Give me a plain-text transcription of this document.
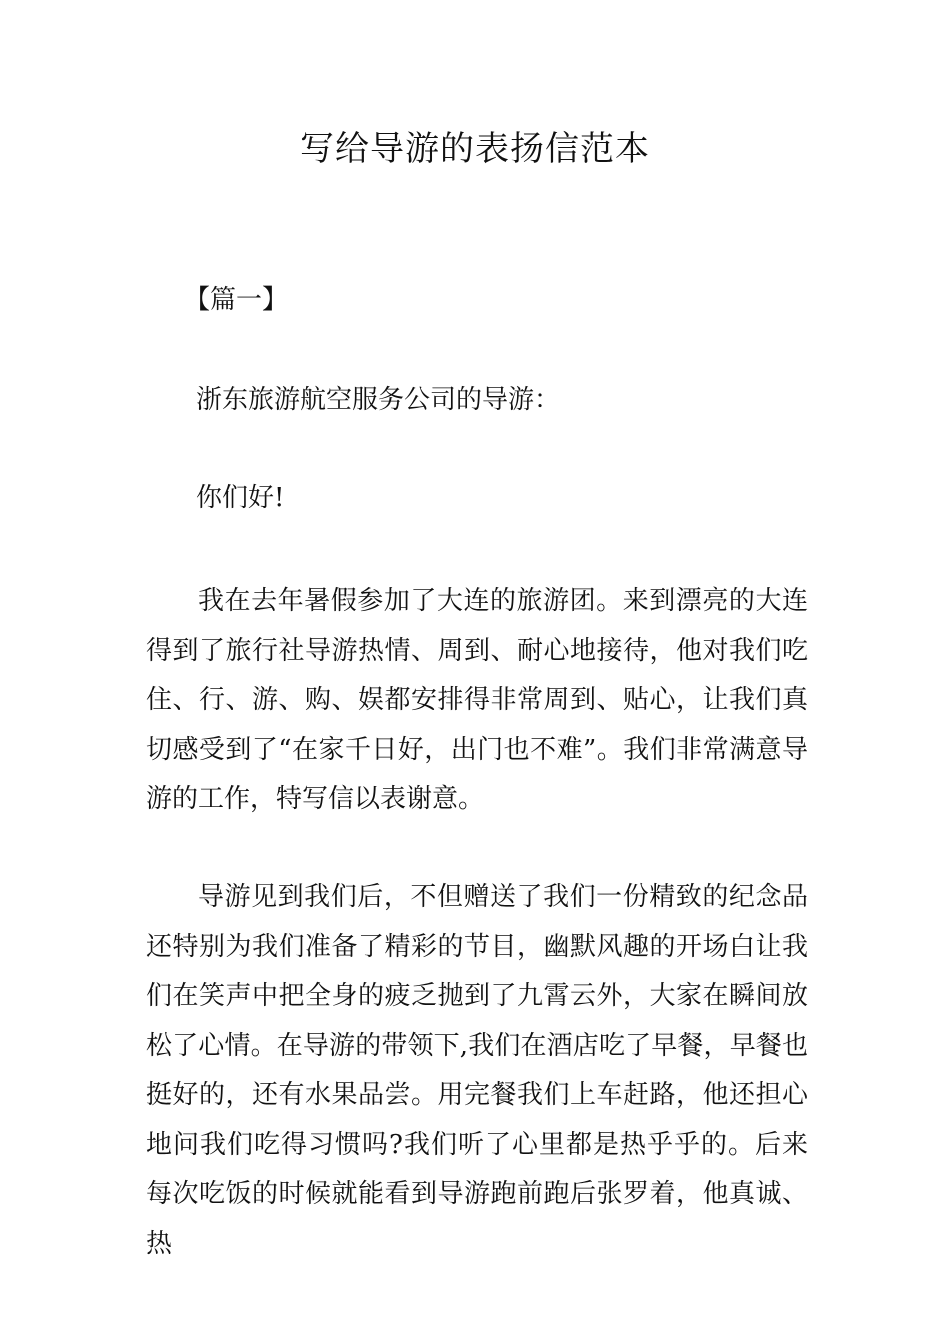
写给导游的表扬信范本
【篇一】

浙东旅游航空服务公司的导游：

你们好!

我在去年暑假参加了大连的旅游团。来到漂亮的大连得到了旅行社导游热情、周到、耐心地接待，他对我们吃住、行、游、购、娱都安排得非常周到、贴心，让我们真切感受到了“在家千日好，出门也不难”。我们非常满意导游的工作，特写信以表谢意。

导游见到我们后，不但赠送了我们一份精致的纪念品还特别为我们准备了精彩的节目，幽默风趣的开场白让我们在笑声中把全身的疲乏抛到了九霄云外，大家在瞬间放松了心情。在导游的带领下,我们在酒店吃了早餐，早餐也挺好的，还有水果品尝。用完餐我们上车赶路，他还担心地问我们吃得习惯吗?我们听了心里都是热乎乎的。后来每次吃饭的时候就能看到导游跑前跑后张罗着，他真诚、热
